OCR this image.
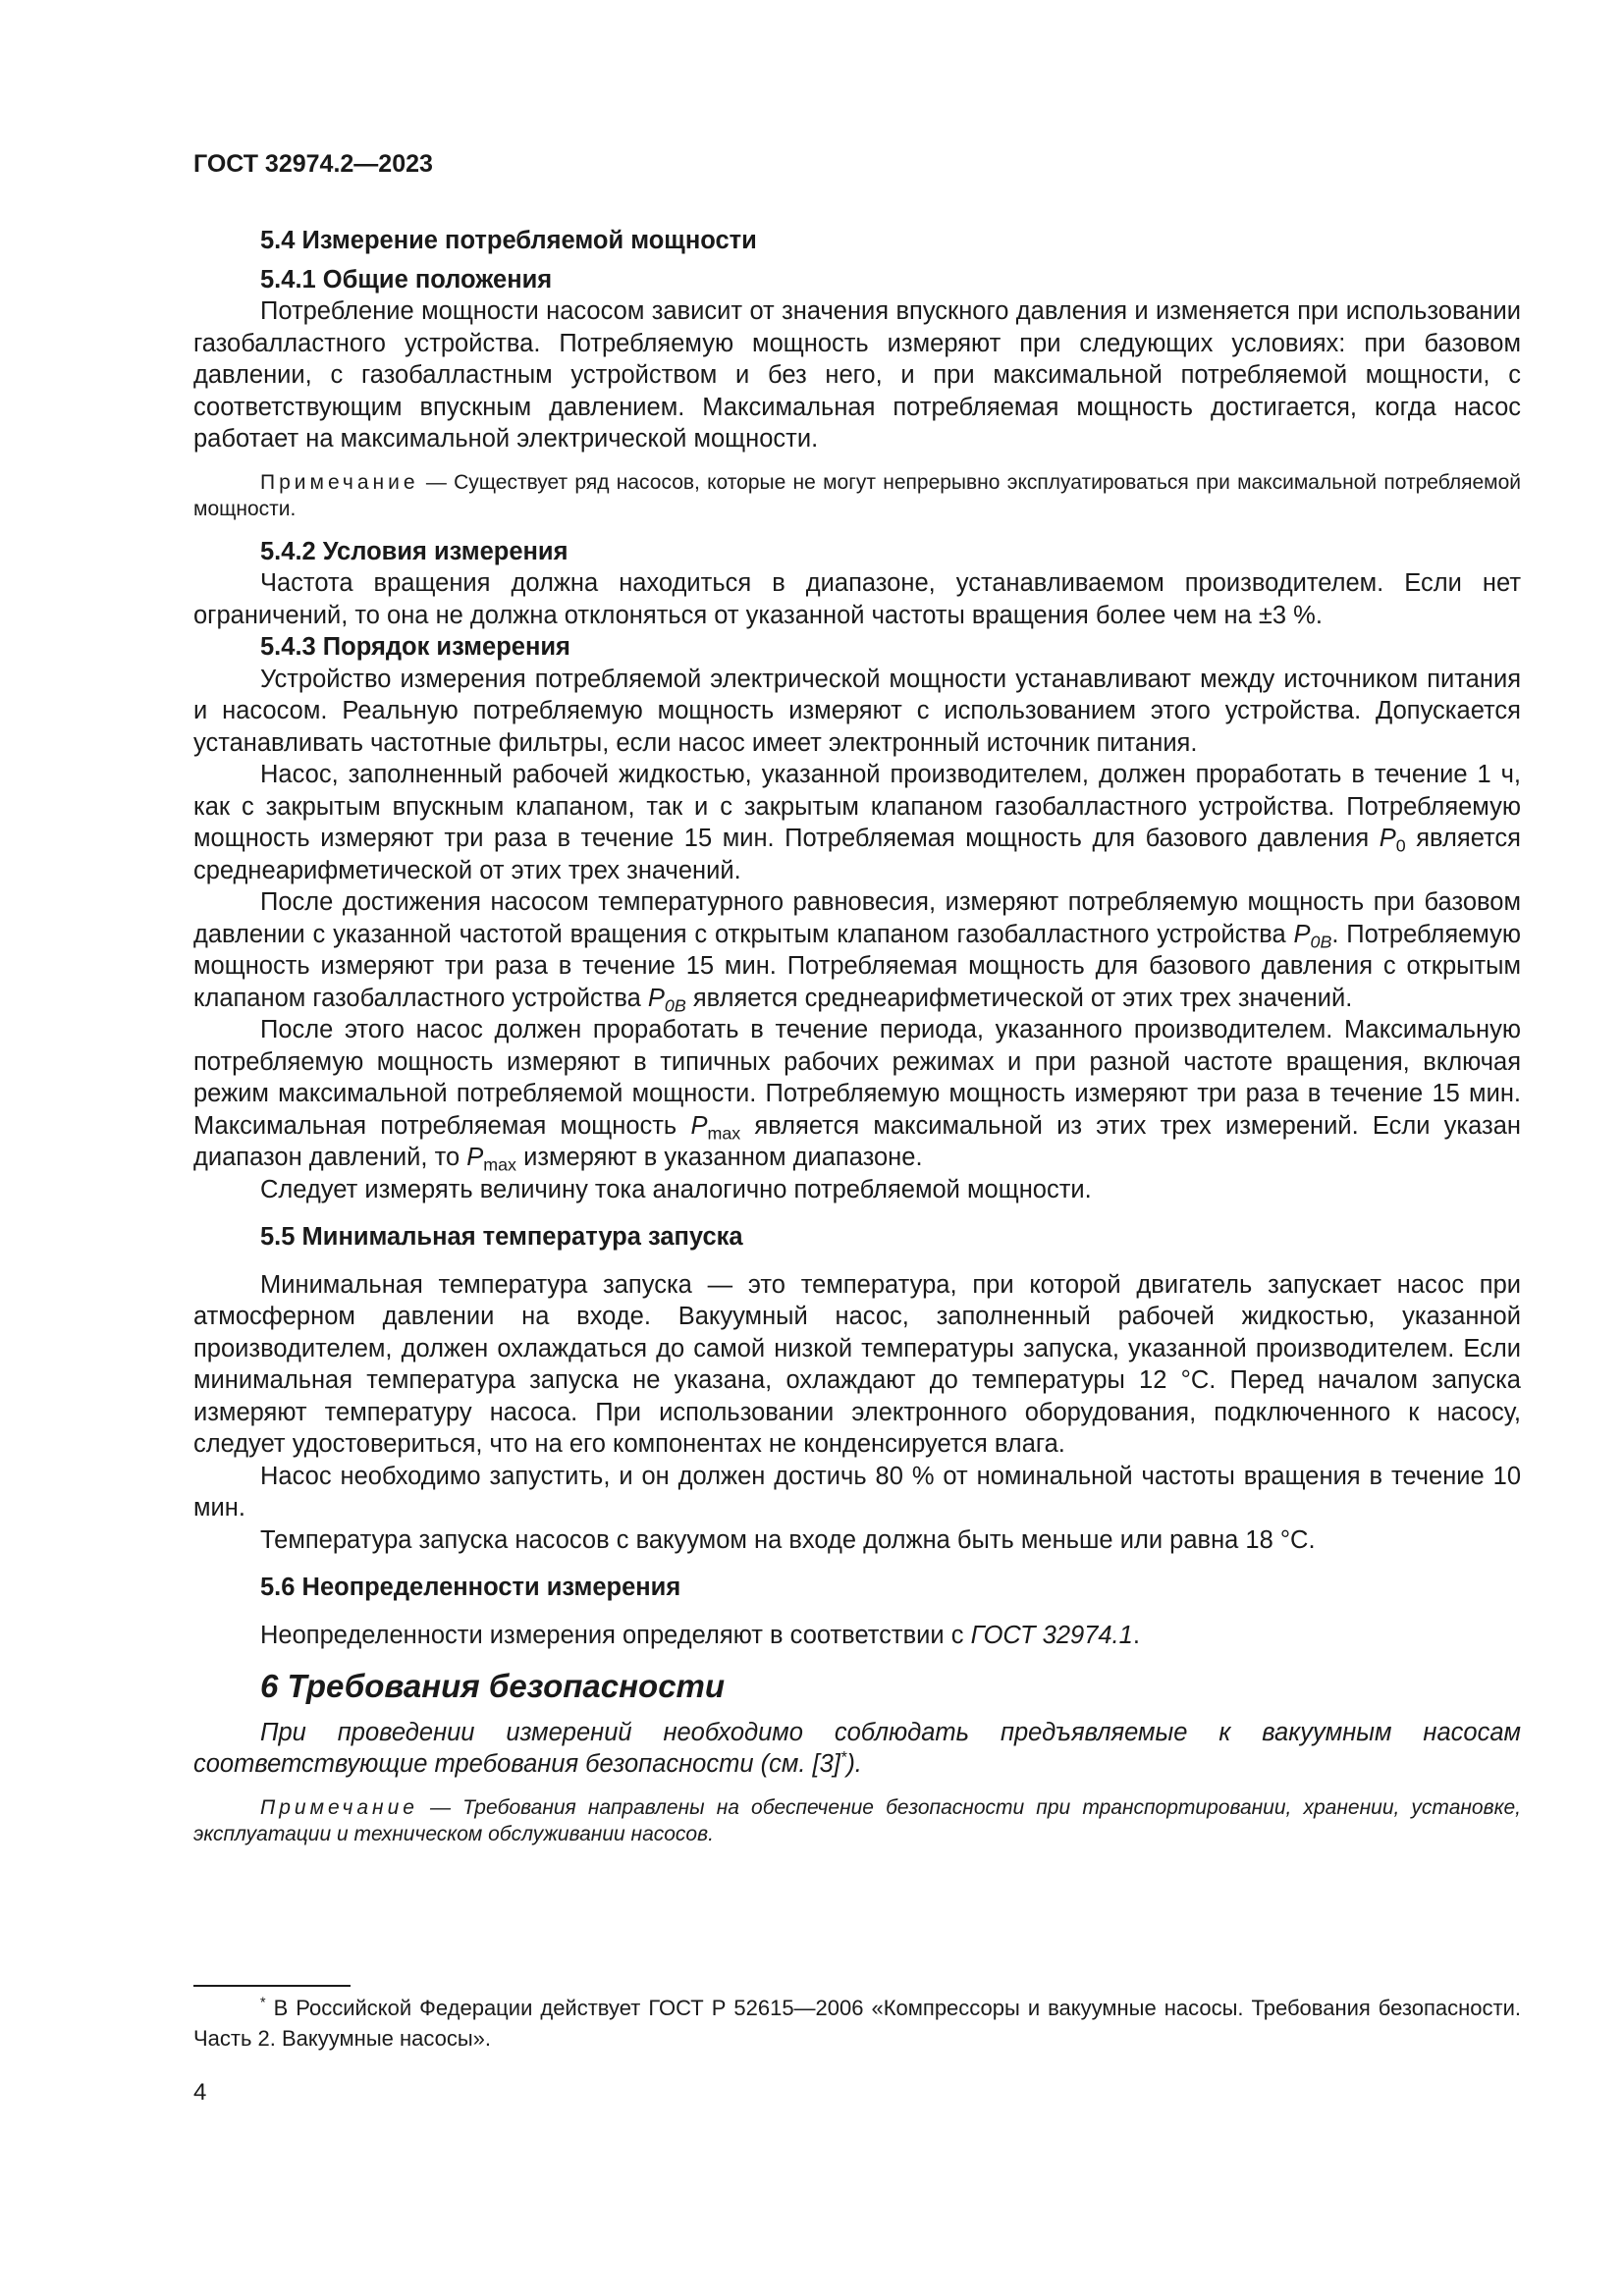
ГОСТ 32974.2—2023

5.4 Измерение потребляемой мощности

5.4.1 Общие положения

Потребление мощности насосом зависит от значения впускного давления и изменяется при использовании газобалластного устройства. Потребляемую мощность измеряют при следующих условиях: при базовом давлении, с газобалластным устройством и без него, и при максимальной потребляемой мощности, с соответствующим впускным давлением. Максимальная потребляемая мощность достигается, когда насос работает на максимальной электрической мощности.

Примечание — Существует ряд насосов, которые не могут непрерывно эксплуатироваться при максимальной потребляемой мощности.

5.4.2 Условия измерения

Частота вращения должна находиться в диапазоне, устанавливаемом производителем. Если нет ограничений, то она не должна отклоняться от указанной частоты вращения более чем на ±3 %.

5.4.3 Порядок измерения

Устройство измерения потребляемой электрической мощности устанавливают между источником питания и насосом. Реальную потребляемую мощность измеряют с использованием этого устройства. Допускается устанавливать частотные фильтры, если насос имеет электронный источник питания.

Насос, заполненный рабочей жидкостью, указанной производителем, должен проработать в течение 1 ч, как с закрытым впускным клапаном, так и с закрытым клапаном газобалластного устройства. Потребляемую мощность измеряют три раза в течение 15 мин. Потребляемая мощность для базового давления $P_0$ является среднеарифметической от этих трех значений.

После достижения насосом температурного равновесия, измеряют потребляемую мощность при базовом давлении с указанной частотой вращения с открытым клапаном газобалластного устройства $P_{0B}$. Потребляемую мощность измеряют три раза в течение 15 мин. Потребляемая мощность для базового давления с открытым клапаном газобалластного устройства $P_{0B}$ является среднеарифметической от этих трех значений.

После этого насос должен проработать в течение периода, указанного производителем. Максимальную потребляемую мощность измеряют в типичных рабочих режимах и при разной частоте вращения, включая режим максимальной потребляемой мощности. Потребляемую мощность измеряют три раза в течение 15 мин. Максимальная потребляемая мощность $P_{max}$ является максимальной из этих трех измерений. Если указан диапазон давлений, то $P_{max}$ измеряют в указанном диапазоне.

Следует измерять величину тока аналогично потребляемой мощности.

5.5 Минимальная температура запуска

Минимальная температура запуска — это температура, при которой двигатель запускает насос при атмосферном давлении на входе. Вакуумный насос, заполненный рабочей жидкостью, указанной производителем, должен охлаждаться до самой низкой температуры запуска, указанной производителем. Если минимальная температура запуска не указана, охлаждают до температуры 12 °С. Перед началом запуска измеряют температуру насоса. При использовании электронного оборудования, подключенного к насосу, следует удостовериться, что на его компонентах не конденсируется влага.

Насос необходимо запустить, и он должен достичь 80 % от номинальной частоты вращения в течение 10 мин.

Температура запуска насосов с вакуумом на входе должна быть меньше или равна 18 °С.

5.6 Неопределенности измерения

Неопределенности измерения определяют в соответствии с ГОСТ 32974.1.

6 Требования безопасности

При проведении измерений необходимо соблюдать предъявляемые к вакуумным насосам соответствующие требования безопасности (см. [3]*).

Примечание — Требования направлены на обеспечение безопасности при транспортировании, хранении, установке, эксплуатации и техническом обслуживании насосов.

* В Российской Федерации действует ГОСТ Р 52615—2006 «Компрессоры и вакуумные насосы. Требования безопасности. Часть 2. Вакуумные насосы».
4
